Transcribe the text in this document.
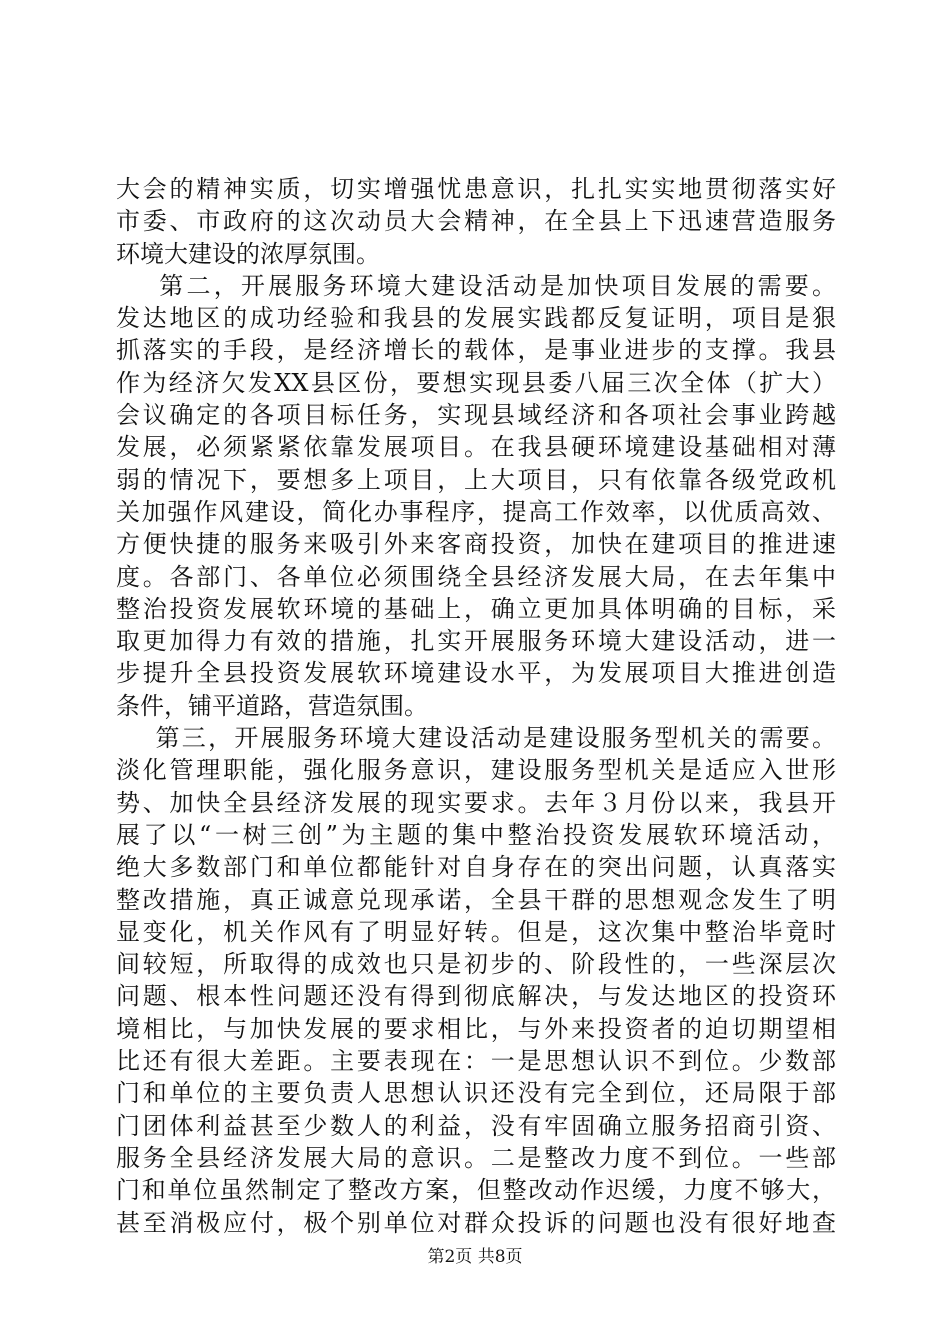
大会的精神实质，切实增强忧患意识，扎扎实实地贯彻落实好
市委、市政府的这次动员大会精神，在全县上下迅速营造服务
环境大建设的浓厚氛围。
第二，开展服务环境大建设活动是加快项目发展的需要。
发达地区的成功经验和我县的发展实践都反复证明，项目是狠
抓落实的手段，是经济增长的载体，是事业进步的支撑。我县
作为经济欠发XX县区份，要想实现县委八届三次全体（扩大）
会议确定的各项目标任务，实现县域经济和各项社会事业跨越
发展，必须紧紧依靠发展项目。在我县硬环境建设基础相对薄
弱的情况下，要想多上项目，上大项目，只有依靠各级党政机
关加强作风建设，简化办事程序，提高工作效率，以优质高效、
方便快捷的服务来吸引外来客商投资，加快在建项目的推进速
度。各部门、各单位必须围绕全县经济发展大局，在去年集中
整治投资发展软环境的基础上，确立更加具体明确的目标，采
取更加得力有效的措施，扎实开展服务环境大建设活动，进一
步提升全县投资发展软环境建设水平，为发展项目大推进创造
条件，铺平道路，营造氛围。
第三，开展服务环境大建设活动是建设服务型机关的需要。
淡化管理职能，强化服务意识，建设服务型机关是适应入世形
势、加快全县经济发展的现实要求。去年３月份以来，我县开
展了以“一树三创”为主题的集中整治投资发展软环境活动，
绝大多数部门和单位都能针对自身存在的突出问题，认真落实
整改措施，真正诚意兑现承诺，全县干群的思想观念发生了明
显变化，机关作风有了明显好转。但是，这次集中整治毕竟时
间较短，所取得的成效也只是初步的、阶段性的，一些深层次
问题、根本性问题还没有得到彻底解决，与发达地区的投资环
境相比，与加快发展的要求相比，与外来投资者的迫切期望相
比还有很大差距。主要表现在：一是思想认识不到位。少数部
门和单位的主要负责人思想认识还没有完全到位，还局限于部
门团体利益甚至少数人的利益，没有牢固确立服务招商引资、
服务全县经济发展大局的意识。二是整改力度不到位。一些部
门和单位虽然制定了整改方案，但整改动作迟缓，力度不够大，
甚至消极应付，极个别单位对群众投诉的问题也没有很好地查
第2页 共8页
